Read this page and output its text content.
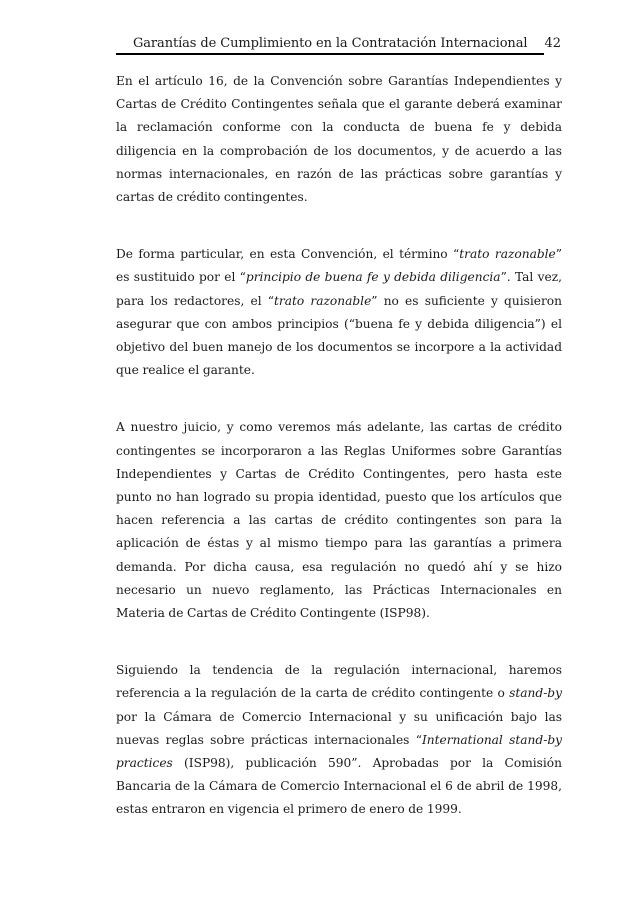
Garantías de Cumplimiento en la Contratación Internacional 42

En el artículo 16, de la Convención sobre Garantías Independientes y Cartas de Crédito Contingentes señala que el garante deberá examinar la reclamación conforme con la conducta de buena fe y debida diligencia en la comprobación de los documentos, y de acuerdo a las normas internacionales, en razón de las prácticas sobre garantías y cartas de crédito contingentes.

De forma particular, en esta Convención, el término “trato razonable” es sustituido por el “principio de buena fe y debida diligencia”. Tal vez, para los redactores, el “trato razonable” no es suficiente y quisieron asegurar que con ambos principios (“buena fe y debida diligencia”) el objetivo del buen manejo de los documentos se incorpore a la actividad que realice el garante.

A nuestro juicio, y como veremos más adelante, las cartas de crédito contingentes se incorporaron a las Reglas Uniformes sobre Garantías Independientes y Cartas de Crédito Contingentes, pero hasta este punto no han logrado su propia identidad, puesto que los artículos que hacen referencia a las cartas de crédito contingentes son para la aplicación de éstas y al mismo tiempo para las garantías a primera demanda. Por dicha causa, esa regulación no quedó ahí y se hizo necesario un nuevo reglamento, las Prácticas Internacionales en Materia de Cartas de Crédito Contingente (ISP98).

Siguiendo la tendencia de la regulación internacional, haremos referencia a la regulación de la carta de crédito contingente o stand-by por la Cámara de Comercio Internacional y su unificación bajo las nuevas reglas sobre prácticas internacionales “International stand-by practices (ISP98), publicación 590”. Aprobadas por la Comisión Bancaria de la Cámara de Comercio Internacional el 6 de abril de 1998, estas entraron en vigencia el primero de enero de 1999.
